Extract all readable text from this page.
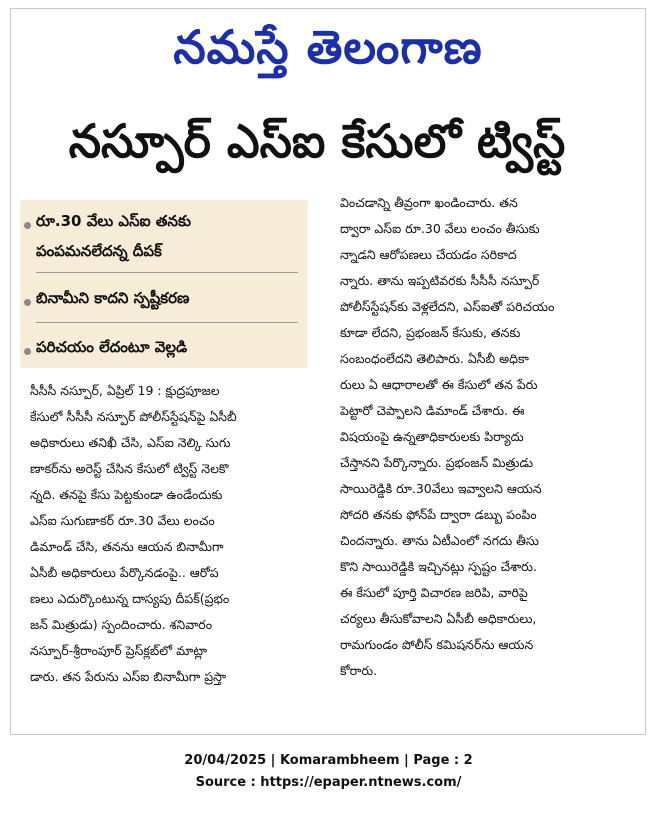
నమస్తే తెలంగాణ
నస్పూర్ ఎస్ఐ కేసులో ట్విస్ట్
రూ.30 వేలు ఎస్ఐ తనకు
పంపమనలేదన్న దీపక్
బినామీని కాదని స్పష్టీకరణ
పరిచయం లేదంటూ వెల్లడి
సీసీసీ నస్పూర్, ఏప్రిల్ 19 : క్షుద్రపూజల
కేసులో సీసీసీ నస్పూర్ పోలీస్‌స్టేషన్‌పై ఏసీబీ
అధికారులు తనిఖీ చేసి, ఎస్ఐ నెల్కి సుగు
ణాకర్‌ను అరెస్ట్ చేసిన కేసులో ట్విస్ట్ నెలకొ
న్నది. తనపై కేసు పెట్టకుండా ఉండేందుకు
ఎస్ఐ సుగుణాకర్ రూ.30 వేలు లంచం
డిమాండ్ చేసి, తనను ఆయన బినామీగా
ఏసీబీ అధికారులు పేర్కొనడంపై.. ఆరోప
ణలు ఎదుర్కొంటున్న దాస్యపు దీపక్(ప్రభం
జన్ మిత్రుడు) స్పందించారు. శనివారం
నస్పూర్-శ్రీరాంపూర్ ప్రెస్‌క్లబ్‌లో మాట్లా
డారు. తన పేరును ఎస్ఐ బినామీగా ప్రస్తా
వించడాన్ని తీవ్రంగా ఖండించారు. తన
ద్వారా ఎస్ఐ రూ.30 వేలు లంచం తీసుకు
న్నాడని ఆరోపణలు చేయడం సరికాద
న్నారు. తాను ఇప్పటివరకు సీసీసీ నస్పూర్
పోలీస్‌స్టేషన్‌కు వెళ్లలేదని, ఎస్ఐతో పరిచయం
కూడా లేదని, ప్రభంజన్ కేసుకు, తనకు
సంబంధంలేదని తెలిపారు. ఏసీబీ అధికా
రులు ఏ ఆధారాలతో ఈ కేసులో తన పేరు
పెట్టారో చెప్పాలని డిమాండ్ చేశారు. ఈ
విషయంపై ఉన్నతాధికారులకు పిర్యాదు
చేస్తానని పేర్కొన్నారు. ప్రభంజన్ మిత్రుడు
సాయిరెడ్డికి రూ.30వేలు ఇవ్వాలని ఆయన
సోదరి తనకు ఫోన్‌పే ద్వారా డబ్బు పంపిం
చిందన్నారు. తాను ఏటీఎంలో నగదు తీసు
కొని సాయిరెడ్డికి ఇచ్చినట్లు స్పష్టం చేశారు.
ఈ కేసులో పూర్తి విచారణ జరిపి, వారిపై
చర్యలు తీసుకోవాలని ఏసీబీ అధికారులు,
రామగుండం పోలీస్ కమిషనర్‌ను ఆయన
కోరారు.
20/04/2025 | Komarambheem | Page : 2
Source : https://epaper.ntnews.com/
